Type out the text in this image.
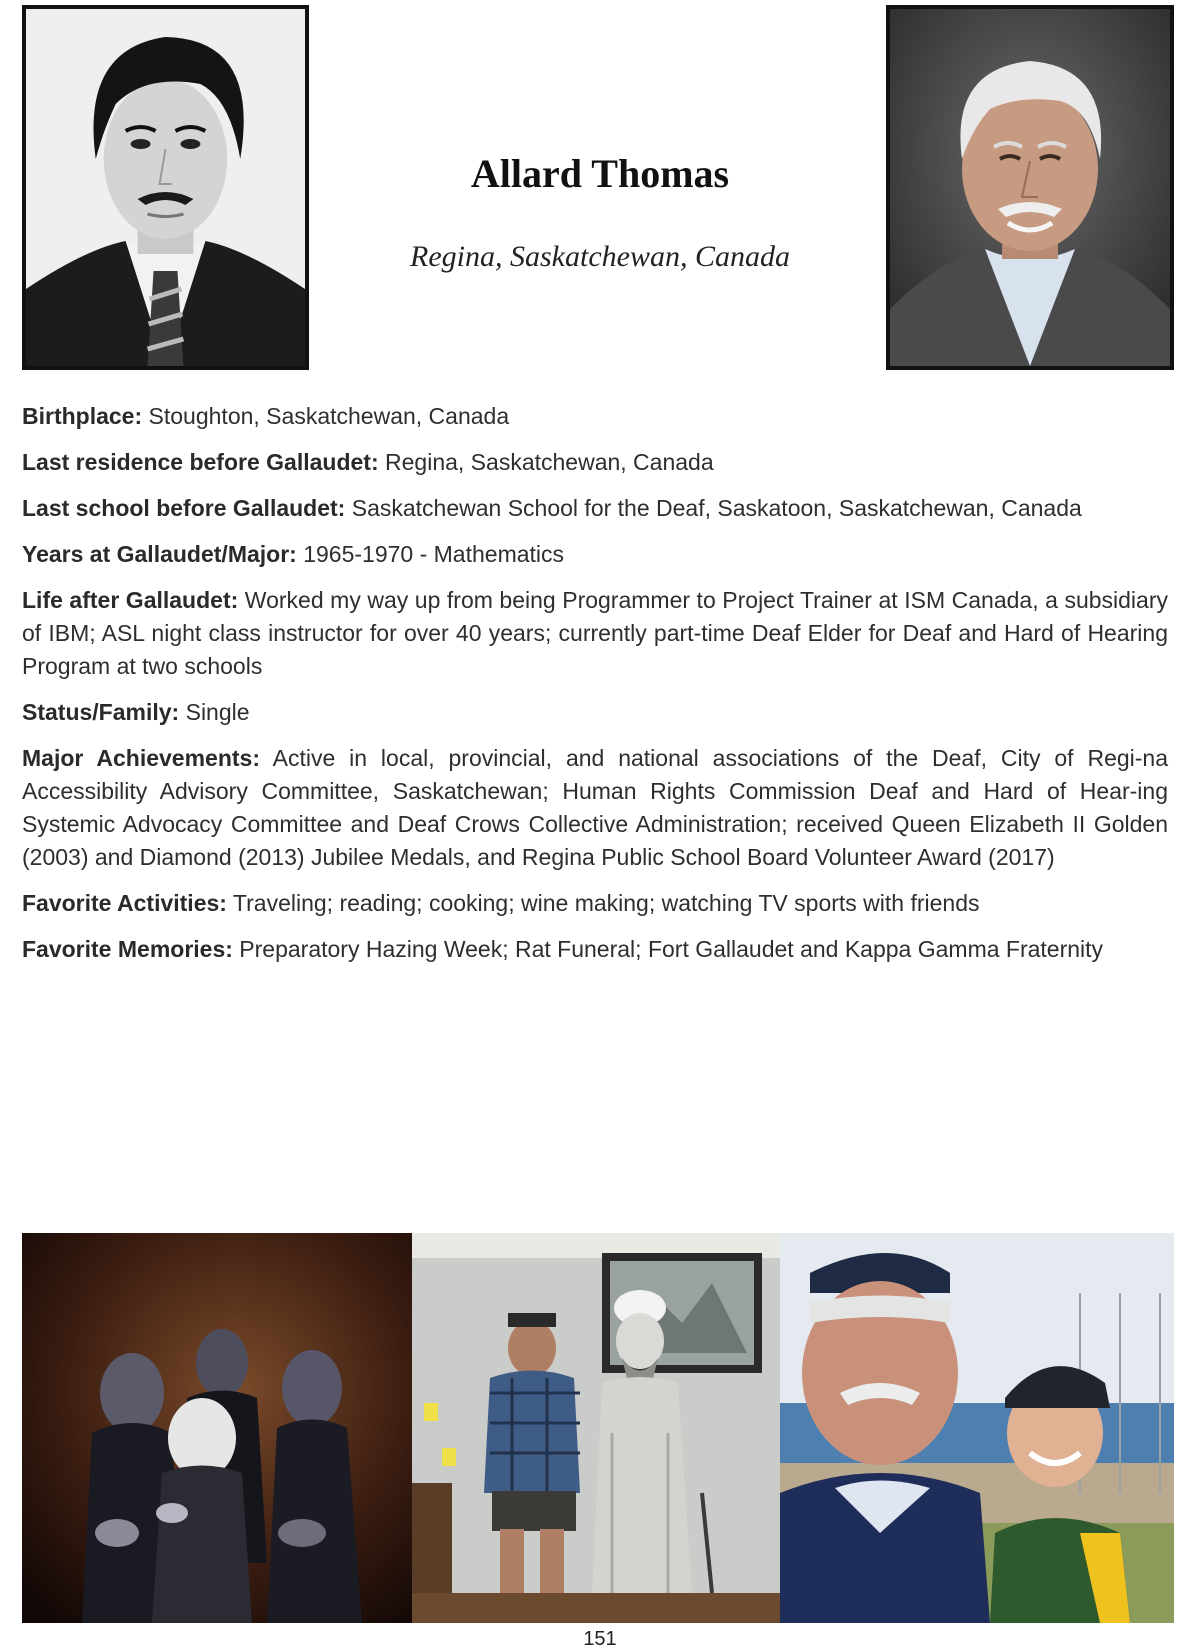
Allard Thomas
Regina, Saskatchewan, Canada

Birthplace: Stoughton, Saskatchewan, Canada

Last residence before Gallaudet: Regina, Saskatchewan, Canada

Last school before Gallaudet: Saskatchewan School for the Deaf, Saskatoon, Saskatchewan, Canada

Years at Gallaudet/Major: 1965-1970 - Mathematics

Life after Gallaudet: Worked my way up from being Programmer to Project Trainer at ISM Canada, a subsidiary of IBM; ASL night class instructor for over 40 years; currently part-time Deaf Elder for Deaf and Hard of Hearing Program at two schools

Status/Family: Single

Major Achievements: Active in local, provincial, and national associations of the Deaf, City of Regi-na Accessibility Advisory Committee, Saskatchewan; Human Rights Commission Deaf and Hard of Hear-ing Systemic Advocacy Committee and Deaf Crows Collective Administration; received Queen Elizabeth II Golden (2003) and Diamond (2013) Jubilee Medals, and Regina Public School Board Volunteer Award (2017)

Favorite Activities: Traveling; reading; cooking; wine making; watching TV sports with friends

Favorite Memories: Preparatory Hazing Week; Rat Funeral; Fort Gallaudet and Kappa Gamma Fraternity

151
